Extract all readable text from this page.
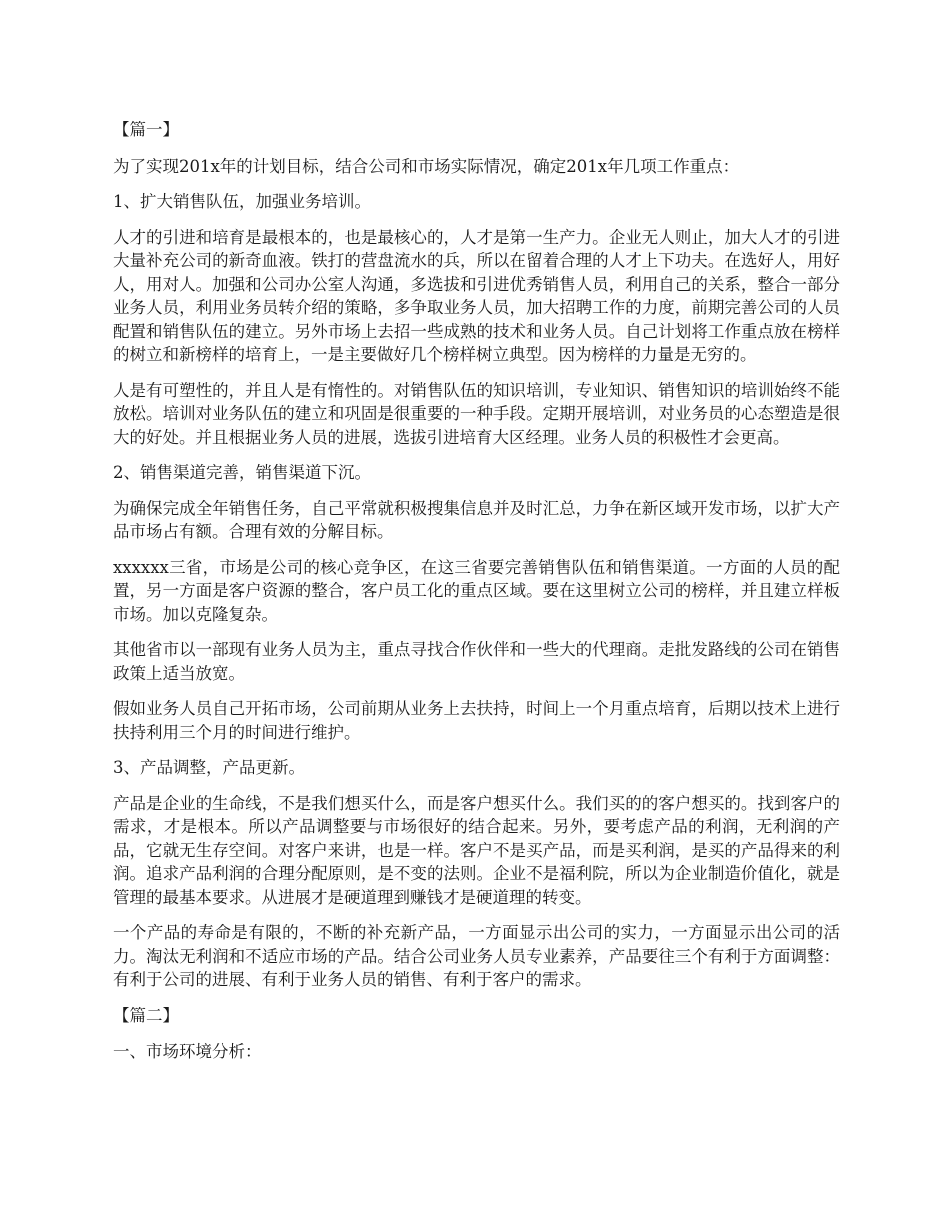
【篇一】

为了实现201x年的计划目标，结合公司和市场实际情况，确定201x年几项工作重点：

1、扩大销售队伍，加强业务培训。

人才的引进和培育是最根本的，也是最核心的，人才是第一生产力。企业无人则止，加大人才的引进大量补充公司的新奇血液。铁打的营盘流水的兵，所以在留着合理的人才上下功夫。在选好人，用好人，用对人。加强和公司办公室人沟通，多选拔和引进优秀销售人员，利用自己的关系，整合一部分业务人员，利用业务员转介绍的策略，多争取业务人员，加大招聘工作的力度，前期完善公司的人员配置和销售队伍的建立。另外市场上去招一些成熟的技术和业务人员。自己计划将工作重点放在榜样的树立和新榜样的培育上，一是主要做好几个榜样树立典型。因为榜样的力量是无穷的。

人是有可塑性的，并且人是有惰性的。对销售队伍的知识培训，专业知识、销售知识的培训始终不能放松。培训对业务队伍的建立和巩固是很重要的一种手段。定期开展培训，对业务员的心态塑造是很大的好处。并且根据业务人员的进展，选拔引进培育大区经理。业务人员的积极性才会更高。

2、销售渠道完善，销售渠道下沉。

为确保完成全年销售任务，自己平常就积极搜集信息并及时汇总，力争在新区域开发市场，以扩大产品市场占有额。合理有效的分解目标。

xxxxxx三省，市场是公司的核心竞争区，在这三省要完善销售队伍和销售渠道。一方面的人员的配置，另一方面是客户资源的整合，客户员工化的重点区域。要在这里树立公司的榜样，并且建立样板市场。加以克隆复杂。

其他省市以一部现有业务人员为主，重点寻找合作伙伴和一些大的代理商。走批发路线的公司在销售政策上适当放宽。

假如业务人员自己开拓市场，公司前期从业务上去扶持，时间上一个月重点培育，后期以技术上进行扶持利用三个月的时间进行维护。

3、产品调整，产品更新。

产品是企业的生命线，不是我们想买什么，而是客户想买什么。我们买的的客户想买的。找到客户的需求，才是根本。所以产品调整要与市场很好的结合起来。另外，要考虑产品的利润，无利润的产品，它就无生存空间。对客户来讲，也是一样。客户不是买产品，而是买利润，是买的产品得来的利润。追求产品利润的合理分配原则，是不变的法则。企业不是福利院，所以为企业制造价值化，就是管理的最基本要求。从进展才是硬道理到赚钱才是硬道理的转变。

一个产品的寿命是有限的，不断的补充新产品，一方面显示出公司的实力，一方面显示出公司的活力。淘汰无利润和不适应市场的产品。结合公司业务人员专业素养，产品要往三个有利于方面调整：有利于公司的进展、有利于业务人员的销售、有利于客户的需求。

【篇二】

一、市场环境分析：
